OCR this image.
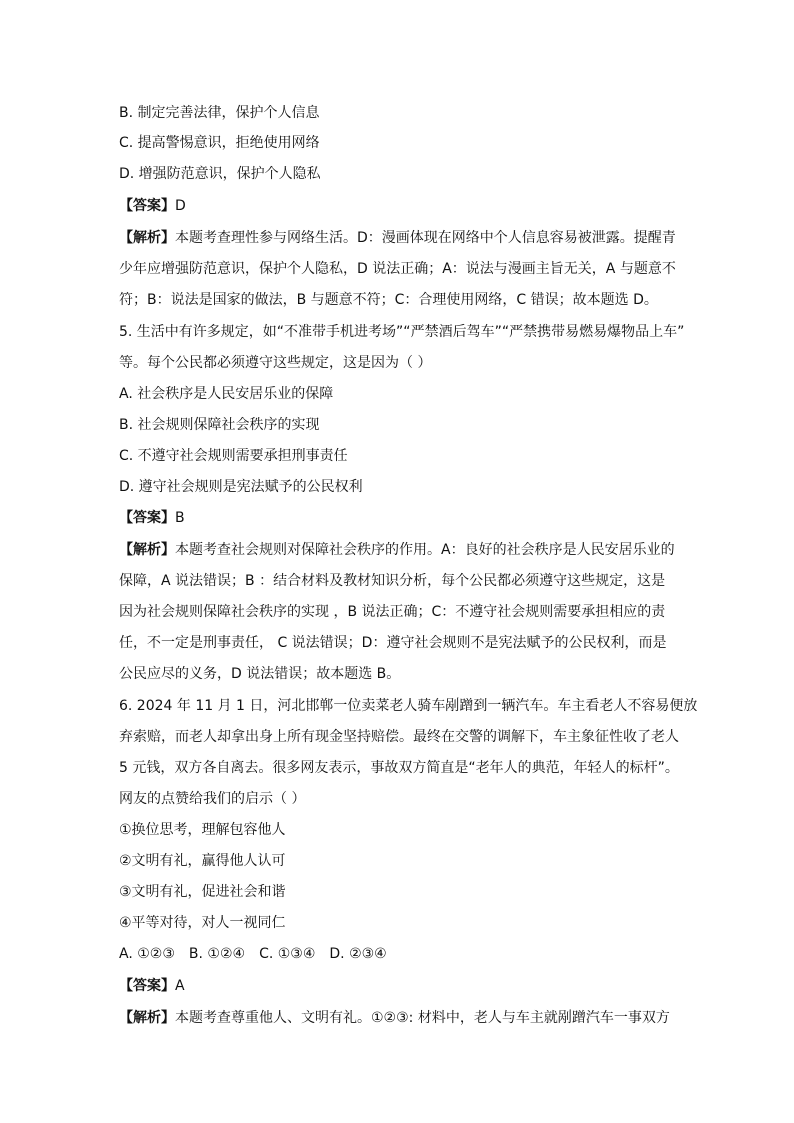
B. 制定完善法律，保护个人信息
C. 提高警惕意识，拒绝使用网络
D. 增强防范意识，保护个人隐私
【答案】D
【解析】本题考查理性参与网络生活。D：漫画体现在网络中个人信息容易被泄露。提醒青
少年应增强防范意识，保护个人隐私，D 说法正确；A：说法与漫画主旨无关，A 与题意不
符；B：说法是国家的做法，B 与题意不符；C：合理使用网络，C 错误；故本题选 D。
5. 生活中有许多规定，如“不准带手机进考场”“严禁酒后驾车”“严禁携带易燃易爆物品上车”
等。每个公民都必须遵守这些规定，这是因为（ ）
A. 社会秩序是人民安居乐业的保障
B. 社会规则保障社会秩序的实现
C. 不遵守社会规则需要承担刑事责任
D. 遵守社会规则是宪法赋予的公民权利
【答案】B
【解析】本题考查社会规则对保障社会秩序的作用。A：良好的社会秩序是人民安居乐业的
保障，A 说法错误；B ：结合材料及教材知识分析，每个公民都必须遵守这些规定，这是
因为社会规则保障社会秩序的实现 ，B 说法正确；C：不遵守社会规则需要承担相应的责
任，不一定是刑事责任， C 说法错误；D：遵守社会规则不是宪法赋予的公民权利，而是
公民应尽的义务，D 说法错误；故本题选 B。
6. 2024 年 11 月 1 日，河北邯郸一位卖菜老人骑车剐蹭到一辆汽车。车主看老人不容易便放
弃索赔，而老人却拿出身上所有现金坚持赔偿。最终在交警的调解下，车主象征性收了老人
5 元钱，双方各自离去。很多网友表示，事故双方简直是“老年人的典范，年轻人的标杆”。
网友的点赞给我们的启示（ ）
①换位思考，理解包容他人
②文明有礼，赢得他人认可
③文明有礼，促进社会和谐
④平等对待，对人一视同仁
A. ①②③ B. ①②④ C. ①③④ D. ②③④
【答案】A
【解析】本题考查尊重他人、文明有礼。①②③: 材料中，老人与车主就剐蹭汽车一事双方
